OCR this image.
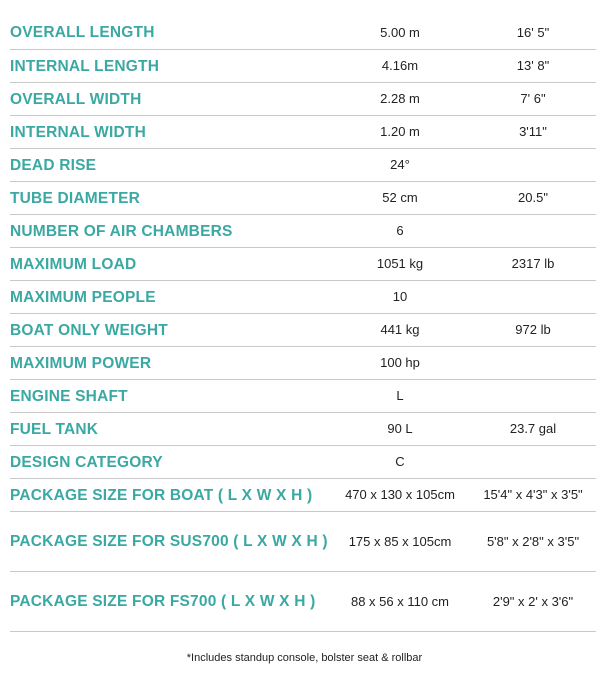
OVERALL LENGTH	5.00 m	16' 5"
INTERNAL LENGTH	4.16m	13' 8"
OVERALL WIDTH	2.28 m	7' 6"
INTERNAL WIDTH	1.20 m	3'11"
DEAD RISE	24°	
TUBE DIAMETER	52 cm	20.5"
NUMBER OF AIR CHAMBERS	6	
MAXIMUM LOAD	1051 kg	2317 lb
MAXIMUM PEOPLE	10	
BOAT ONLY WEIGHT	441 kg	972 lb
MAXIMUM POWER	100 hp	
ENGINE SHAFT	L	
FUEL TANK	90 L	23.7 gal
DESIGN CATEGORY	C	
PACKAGE SIZE FOR BOAT ( L X W X H )	470 x 130 x 105cm	15'4" x 4'3" x 3'5"
PACKAGE SIZE FOR SUS700 ( L X W X H )	175 x 85 x 105cm	5'8" x 2'8" x 3'5"
PACKAGE SIZE FOR FS700 ( L X W X H )	88 x 56 x 110 cm	2'9" x 2' x 3'6"
*Includes standup console, bolster seat & rollbar
